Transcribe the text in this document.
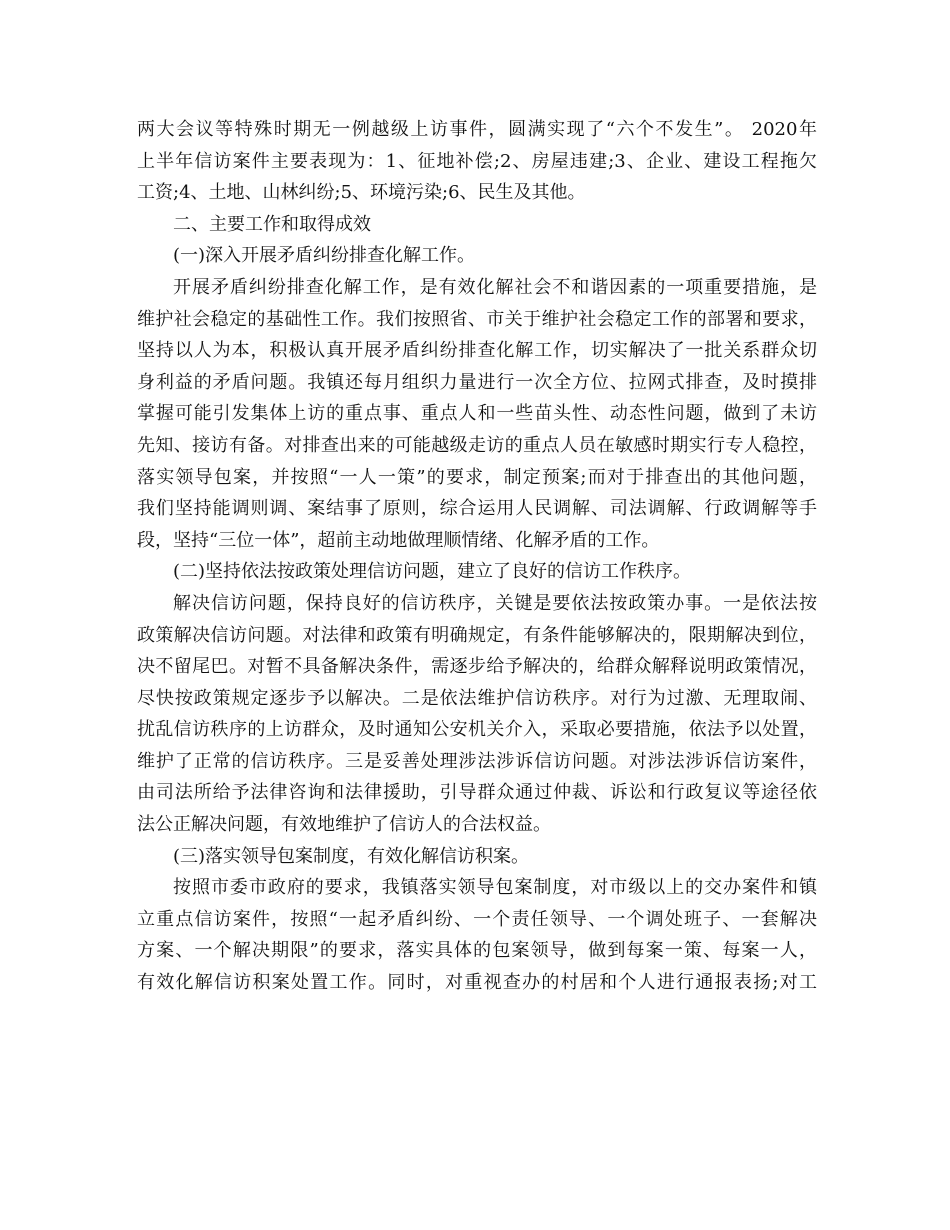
两大会议等特殊时期无一例越级上访事件，圆满实现了“六个不发生”。 2020年
上半年信访案件主要表现为：1、征地补偿;2、房屋违建;3、企业、建设工程拖欠
工资;4、土地、山林纠纷;5、环境污染;6、民生及其他。
二、主要工作和取得成效
(一)深入开展矛盾纠纷排查化解工作。
开展矛盾纠纷排查化解工作，是有效化解社会不和谐因素的一项重要措施，是
维护社会稳定的基础性工作。我们按照省、市关于维护社会稳定工作的部署和要求，
坚持以人为本，积极认真开展矛盾纠纷排查化解工作，切实解决了一批关系群众切
身利益的矛盾问题。我镇还每月组织力量进行一次全方位、拉网式排查，及时摸排
掌握可能引发集体上访的重点事、重点人和一些苗头性、动态性问题，做到了未访
先知、接访有备。对排查出来的可能越级走访的重点人员在敏感时期实行专人稳控，
落实领导包案，并按照“一人一策”的要求，制定预案;而对于排查出的其他问题，
我们坚持能调则调、案结事了原则，综合运用人民调解、司法调解、行政调解等手
段，坚持“三位一体”，超前主动地做理顺情绪、化解矛盾的工作。
(二)坚持依法按政策处理信访问题，建立了良好的信访工作秩序。
解决信访问题，保持良好的信访秩序，关键是要依法按政策办事。一是依法按
政策解决信访问题。对法律和政策有明确规定，有条件能够解决的，限期解决到位，
决不留尾巴。对暂不具备解决条件，需逐步给予解决的，给群众解释说明政策情况，
尽快按政策规定逐步予以解决。二是依法维护信访秩序。对行为过激、无理取闹、
扰乱信访秩序的上访群众，及时通知公安机关介入，采取必要措施，依法予以处置，
维护了正常的信访秩序。三是妥善处理涉法涉诉信访问题。对涉法涉诉信访案件，
由司法所给予法律咨询和法律援助，引导群众通过仲裁、诉讼和行政复议等途径依
法公正解决问题，有效地维护了信访人的合法权益。
(三)落实领导包案制度，有效化解信访积案。
按照市委市政府的要求，我镇落实领导包案制度，对市级以上的交办案件和镇
立重点信访案件，按照“一起矛盾纠纷、一个责任领导、一个调处班子、一套解决
方案、一个解决期限”的要求，落实具体的包案领导，做到每案一策、每案一人，
有效化解信访积案处置工作。同时，对重视查办的村居和个人进行通报表扬;对工
